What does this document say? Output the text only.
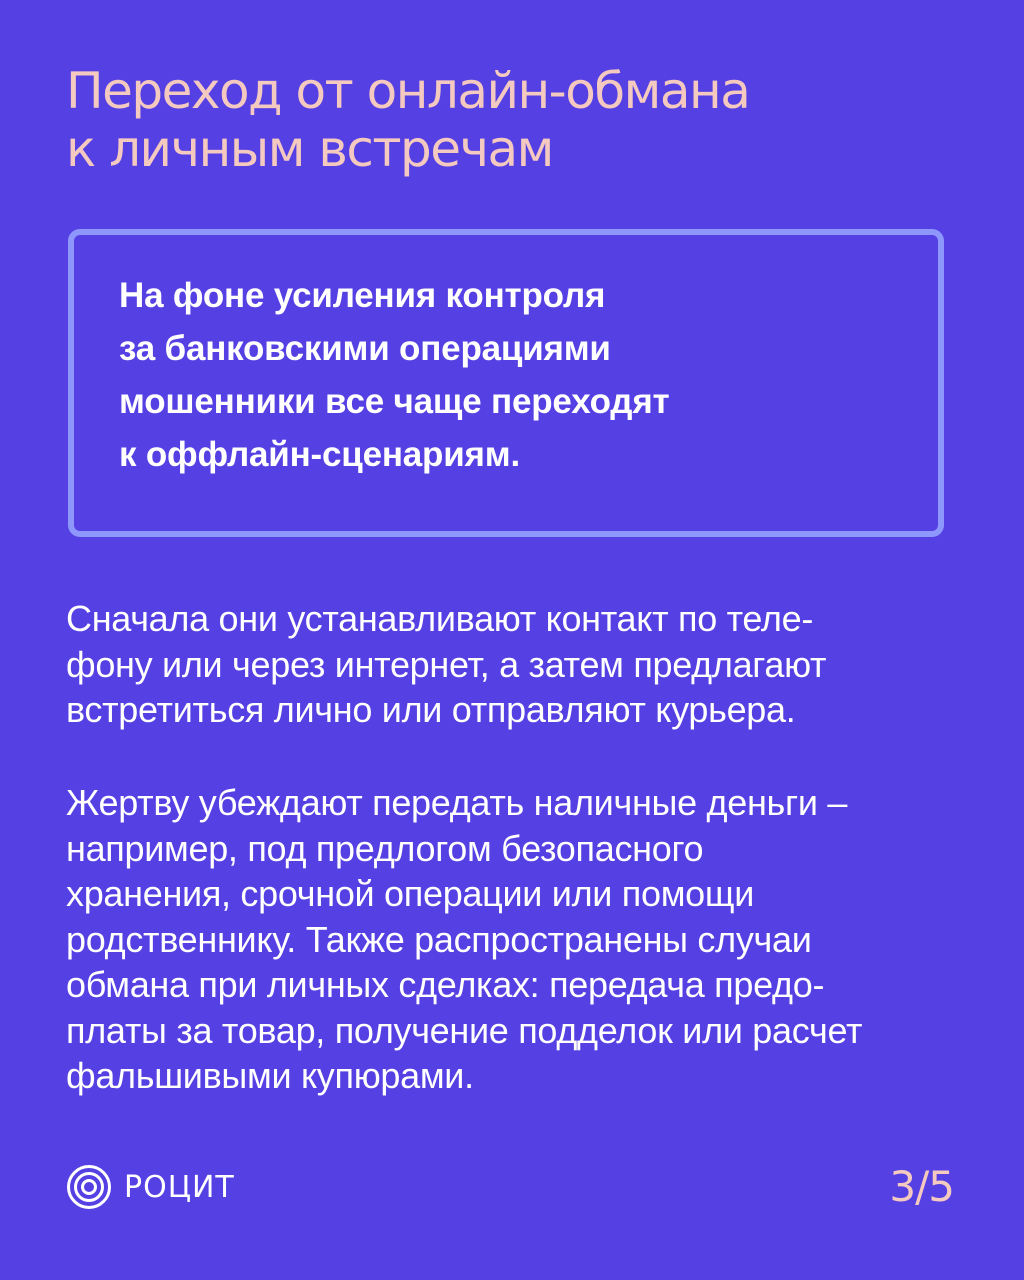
Переход от онлайн-обмана
к личным встречам

На фоне усиления контроля
за банковскими операциями
мошенники все чаще переходят
к оффлайн-сценариям.

Сначала они устанавливают контакт по теле-
фону или через интернет, а затем предлагают
встретиться лично или отправляют курьера.

Жертву убеждают передать наличные деньги –
например, под предлогом безопасного
хранения, срочной операции или помощи
родственнику. Также распространены случаи
обмана при личных сделках: передача предо-
платы за товар, получение подделок или расчет
фальшивыми купюрами.

РОЦИТ	3/5
